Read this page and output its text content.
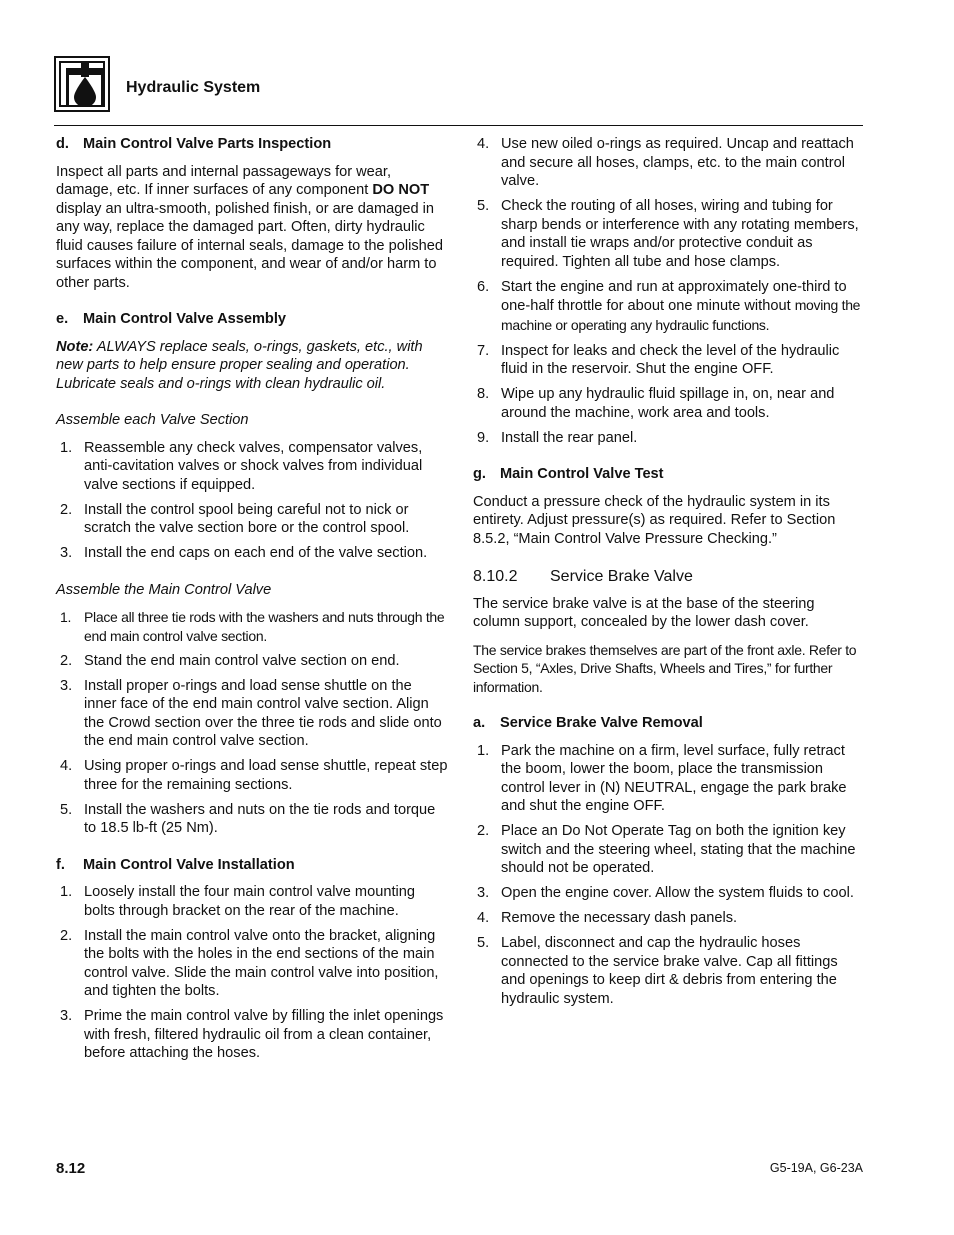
Hydraulic System
d. Main Control Valve Parts Inspection

Inspect all parts and internal passageways for wear, damage, etc. If inner surfaces of any component DO NOT display an ultra-smooth, polished finish, or are damaged in any way, replace the damaged part. Often, dirty hydraulic fluid causes failure of internal seals, damage to the polished surfaces within the component, and wear of and/or harm to other parts.

e. Main Control Valve Assembly

Note: ALWAYS replace seals, o-rings, gaskets, etc., with new parts to help ensure proper sealing and operation. Lubricate seals and o-rings with clean hydraulic oil.

Assemble each Valve Section
1. Reassemble any check valves, compensator valves, anti-cavitation valves or shock valves from individual valve sections if equipped.
2. Install the control spool being careful not to nick or scratch the valve section bore or the control spool.
3. Install the end caps on each end of the valve section.
Assemble the Main Control Valve
1. Place all three tie rods with the washers and nuts through the end main control valve section.
2. Stand the end main control valve section on end.
3. Install proper o-rings and load sense shuttle on the inner face of the end main control valve section. Align the Crowd section over the three tie rods and slide onto the end main control valve section.
4. Using proper o-rings and load sense shuttle, repeat step three for the remaining sections.
5. Install the washers and nuts on the tie rods and torque to 18.5 lb-ft (25 Nm).
f. Main Control Valve Installation
1. Loosely install the four main control valve mounting bolts through bracket on the rear of the machine.
2. Install the main control valve onto the bracket, aligning the bolts with the holes in the end sections of the main control valve. Slide the main control valve into position, and tighten the bolts.
3. Prime the main control valve by filling the inlet openings with fresh, filtered hydraulic oil from a clean container, before attaching the hoses.
4. Use new oiled o-rings as required. Uncap and reattach and secure all hoses, clamps, etc. to the main control valve.
5. Check the routing of all hoses, wiring and tubing for sharp bends or interference with any rotating members, and install tie wraps and/or protective conduit as required. Tighten all tube and hose clamps.
6. Start the engine and run at approximately one-third to one-half throttle for about one minute without moving the machine or operating any hydraulic functions.
7. Inspect for leaks and check the level of the hydraulic fluid in the reservoir. Shut the engine OFF.
8. Wipe up any hydraulic fluid spillage in, on, near and around the machine, work area and tools.
9. Install the rear panel.
g. Main Control Valve Test

Conduct a pressure check of the hydraulic system in its entirety. Adjust pressure(s) as required. Refer to Section 8.5.2, “Main Control Valve Pressure Checking.”

8.10.2 Service Brake Valve

The service brake valve is at the base of the steering column support, concealed by the lower dash cover.

The service brakes themselves are part of the front axle. Refer to Section 5, “Axles, Drive Shafts, Wheels and Tires,” for further information.

a. Service Brake Valve Removal
1. Park the machine on a firm, level surface, fully retract the boom, lower the boom, place the transmission control lever in (N) NEUTRAL, engage the park brake and shut the engine OFF.
2. Place an Do Not Operate Tag on both the ignition key switch and the steering wheel, stating that the machine should not be operated.
3. Open the engine cover. Allow the system fluids to cool.
4. Remove the necessary dash panels.
5. Label, disconnect and cap the hydraulic hoses connected to the service brake valve. Cap all fittings and openings to keep dirt & debris from entering the hydraulic system.
8.12	G5-19A, G6-23A
